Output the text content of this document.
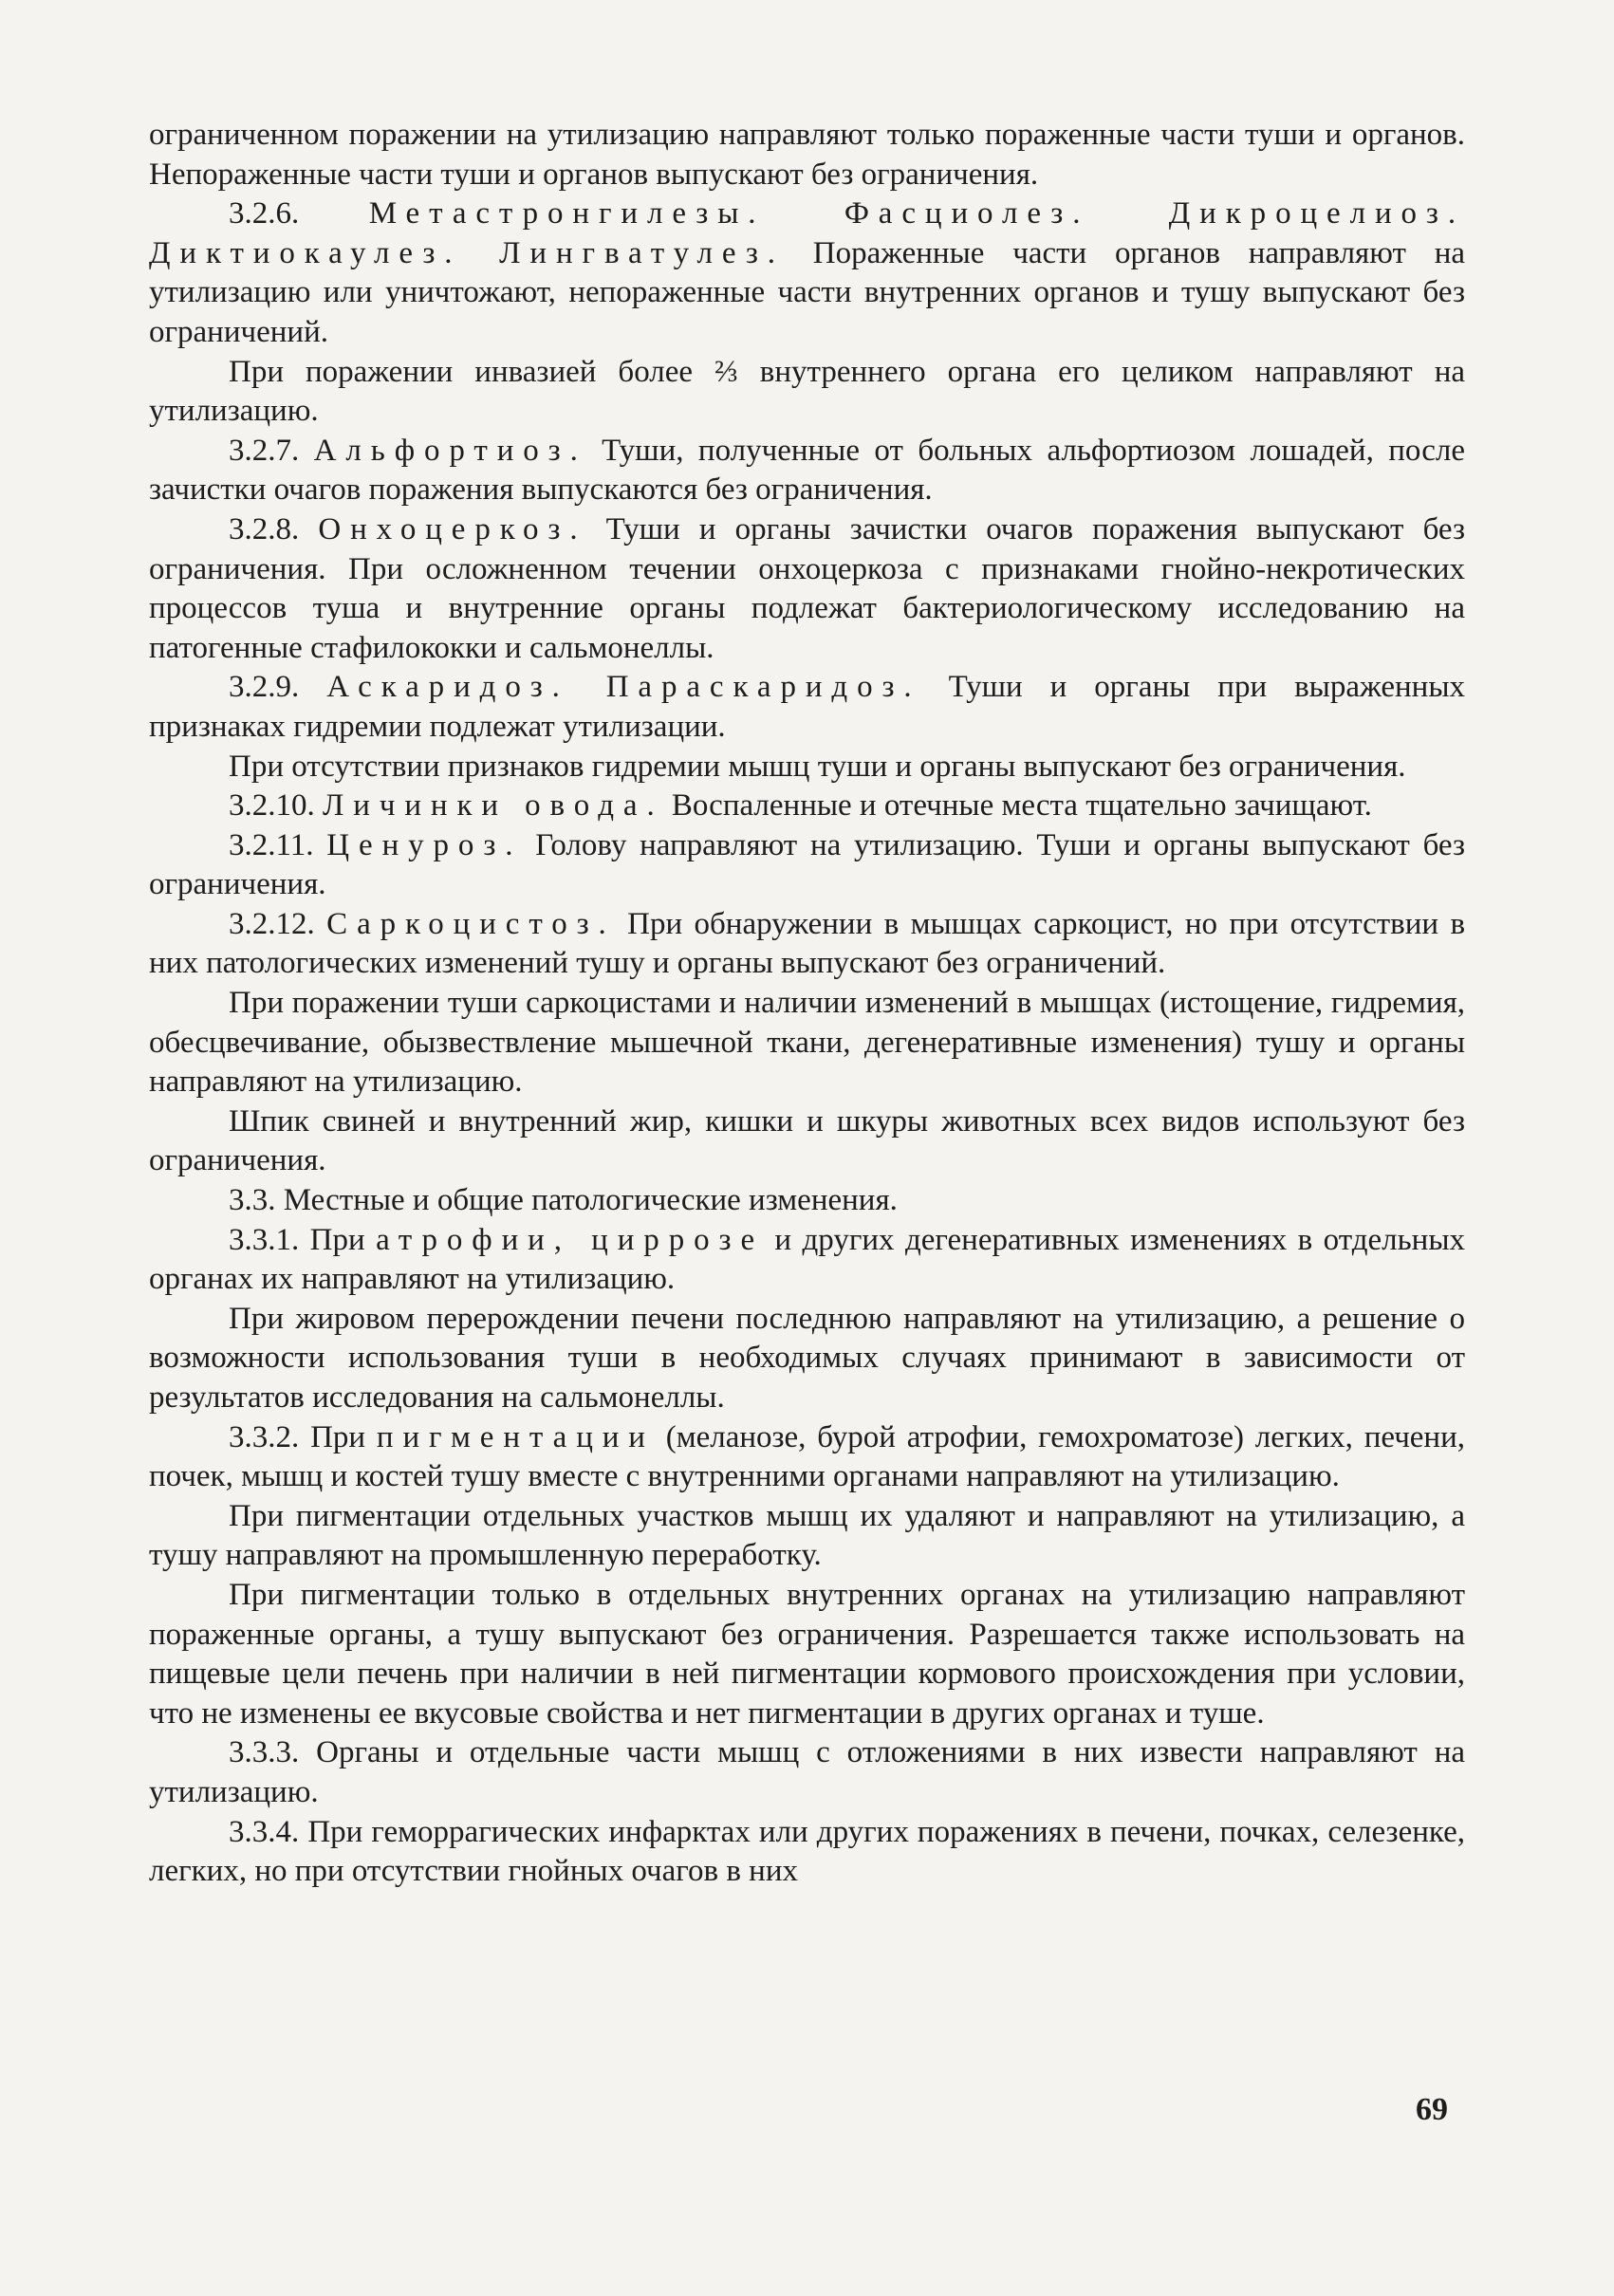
ограниченном поражении на утилизацию направляют только пораженные части туши и органов. Непораженные части туши и органов выпускают без ограничения.

3.2.6. Метастронгилезы. Фасциолез. Дикроцелиоз. Диктиокаулез. Лингватулез. Пораженные части органов направляют на утилизацию или уничтожают, непораженные части внутренних органов и тушу выпускают без ограничений.

При поражении инвазией более ⅔ внутреннего органа его целиком направляют на утилизацию.

3.2.7. Альфортиоз. Туши, полученные от больных альфортиозом лошадей, после зачистки очагов поражения выпускаются без ограничения.

3.2.8. Онхоцеркоз. Туши и органы зачистки очагов поражения выпускают без ограничения. При осложненном течении онхоцеркоза с признаками гнойно-некротических процессов туша и внутренние органы подлежат бактериологическому исследованию на патогенные стафилококки и сальмонеллы.

3.2.9. Аскаридоз. Параскаридоз. Туши и органы при выраженных признаках гидремии подлежат утилизации.

При отсутствии признаков гидремии мышц туши и органы выпускают без ограничения.

3.2.10. Личинки овода. Воспаленные и отечные места тщательно зачищают.

3.2.11. Ценуроз. Голову направляют на утилизацию. Туши и органы выпускают без ограничения.

3.2.12. Саркоцистоз. При обнаружении в мышцах саркоцист, но при отсутствии в них патологических изменений тушу и органы выпускают без ограничений.

При поражении туши саркоцистами и наличии изменений в мышцах (истощение, гидремия, обесцвечивание, обызвествление мышечной ткани, дегенеративные изменения) тушу и органы направляют на утилизацию.

Шпик свиней и внутренний жир, кишки и шкуры животных всех видов используют без ограничения.

3.3. Местные и общие патологические изменения.

3.3.1. При атрофии, циррозе и других дегенеративных изменениях в отдельных органах их направляют на утилизацию.

При жировом перерождении печени последнюю направляют на утилизацию, а решение о возможности использования туши в необходимых случаях принимают в зависимости от результатов исследования на сальмонеллы.

3.3.2. При пигментации (меланозе, бурой атрофии, гемохроматозе) легких, печени, почек, мышц и костей тушу вместе с внутренними органами направляют на утилизацию.

При пигментации отдельных участков мышц их удаляют и направляют на утилизацию, а тушу направляют на промышленную переработку.

При пигментации только в отдельных внутренних органах на утилизацию направляют пораженные органы, а тушу выпускают без ограничения. Разрешается также использовать на пищевые цели печень при наличии в ней пигментации кормового происхождения при условии, что не изменены ее вкусовые свойства и нет пигментации в других органах и туше.

3.3.3. Органы и отдельные части мышц с отложениями в них извести направляют на утилизацию.

3.3.4. При геморрагических инфарктах или других поражениях в печени, почках, селезенке, легких, но при отсутствии гнойных очагов в них

69
